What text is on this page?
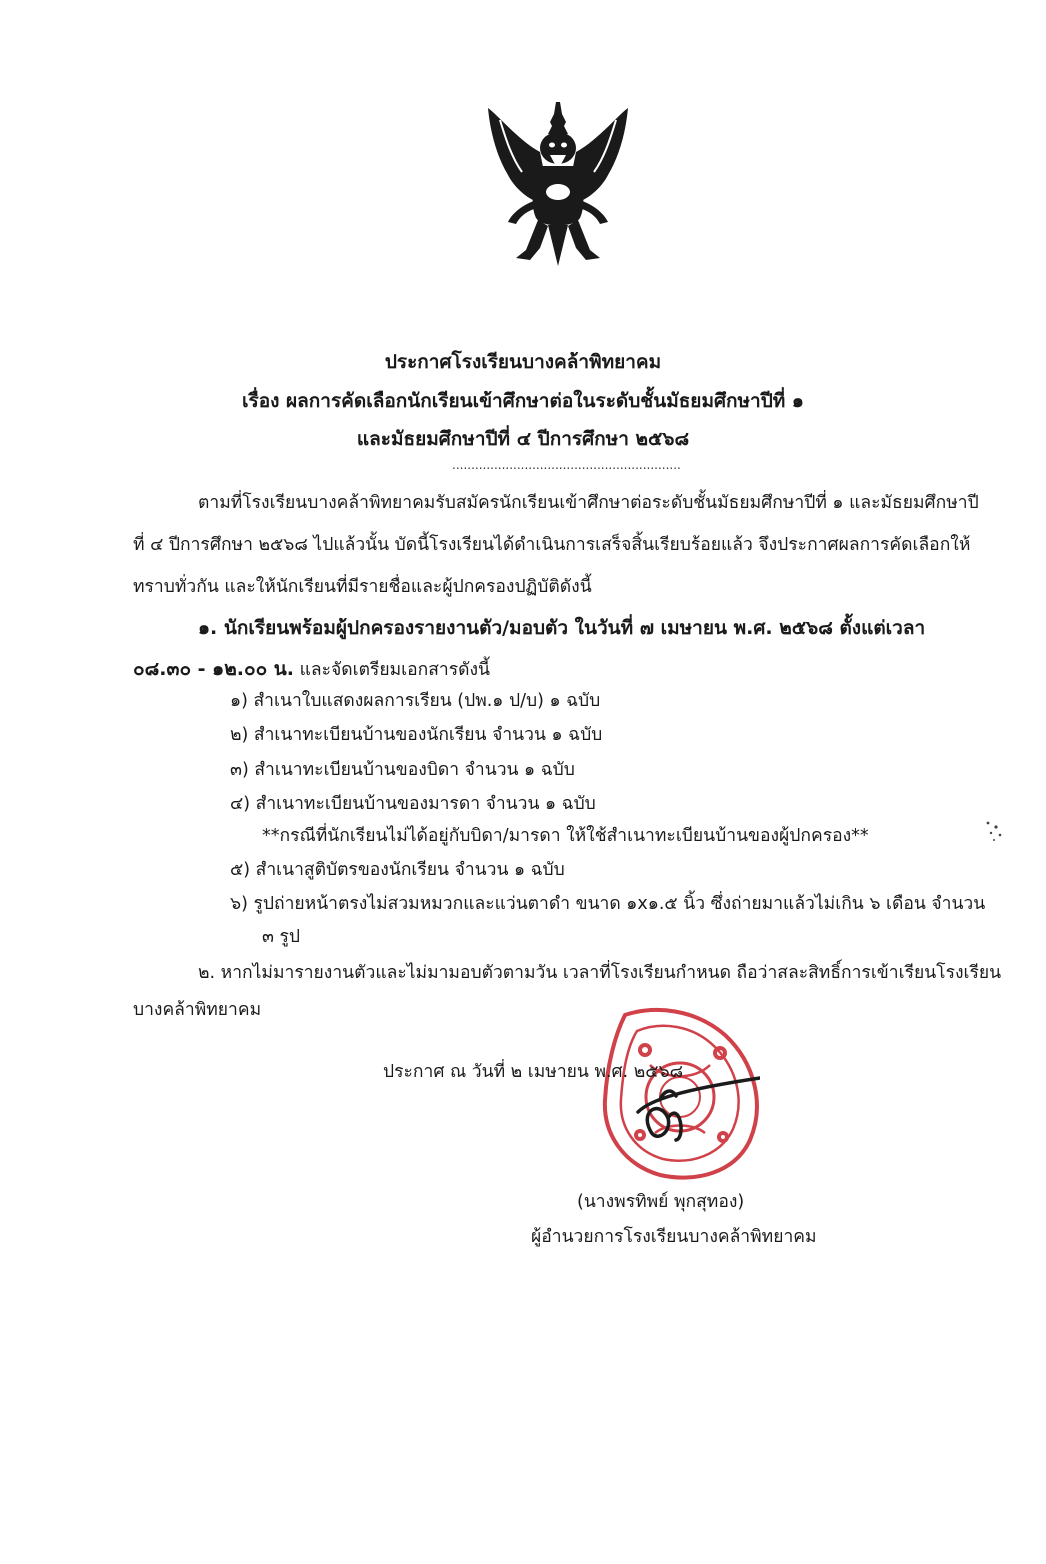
ประกาศโรงเรียนบางคล้าพิทยาคม
เรื่อง ผลการคัดเลือกนักเรียนเข้าศึกษาต่อในระดับชั้นมัธยมศึกษาปีที่ ๑
และมัธยมศึกษาปีที่ ๔ ปีการศึกษา ๒๕๖๘
............................................................
ตามที่โรงเรียนบางคล้าพิทยาคมรับสมัครนักเรียนเข้าศึกษาต่อระดับชั้นมัธยมศึกษาปีที่ ๑ และมัธยมศึกษาปี
ที่ ๔ ปีการศึกษา ๒๕๖๘ ไปแล้วนั้น บัดนี้โรงเรียนได้ดำเนินการเสร็จสิ้นเรียบร้อยแล้ว จึงประกาศผลการคัดเลือกให้
ทราบทั่วกัน และให้นักเรียนที่มีรายชื่อและผู้ปกครองปฏิบัติดังนี้
๑. นักเรียนพร้อมผู้ปกครองรายงานตัว/มอบตัว ในวันที่ ๗ เมษายน พ.ศ. ๒๕๖๘ ตั้งแต่เวลา
๐๘.๓๐ - ๑๒.๐๐ น. และจัดเตรียมเอกสารดังนี้
๑) สำเนาใบแสดงผลการเรียน (ปพ.๑ ป/บ) ๑ ฉบับ
๒) สำเนาทะเบียนบ้านของนักเรียน จำนวน ๑ ฉบับ
๓) สำเนาทะเบียนบ้านของบิดา จำนวน ๑ ฉบับ
๔) สำเนาทะเบียนบ้านของมารดา จำนวน ๑ ฉบับ
**กรณีที่นักเรียนไม่ได้อยู่กับบิดา/มารดา ให้ใช้สำเนาทะเบียนบ้านของผู้ปกครอง**
๕) สำเนาสูติบัตรของนักเรียน จำนวน ๑ ฉบับ
๖) รูปถ่ายหน้าตรงไม่สวมหมวกและแว่นตาดำ ขนาด ๑x๑.๕ นิ้ว ซึ่งถ่ายมาแล้วไม่เกิน ๖ เดือน จำนวน
๓ รูป
๒. หากไม่มารายงานตัวและไม่มามอบตัวตามวัน เวลาที่โรงเรียนกำหนด ถือว่าสละสิทธิ์การเข้าเรียนโรงเรียน
บางคล้าพิทยาคม
ประกาศ ณ วันที่ ๒ เมษายน พ.ศ. ๒๕๖๘
(นางพรทิพย์ พุกสุทอง)
ผู้อำนวยการโรงเรียนบางคล้าพิทยาคม
